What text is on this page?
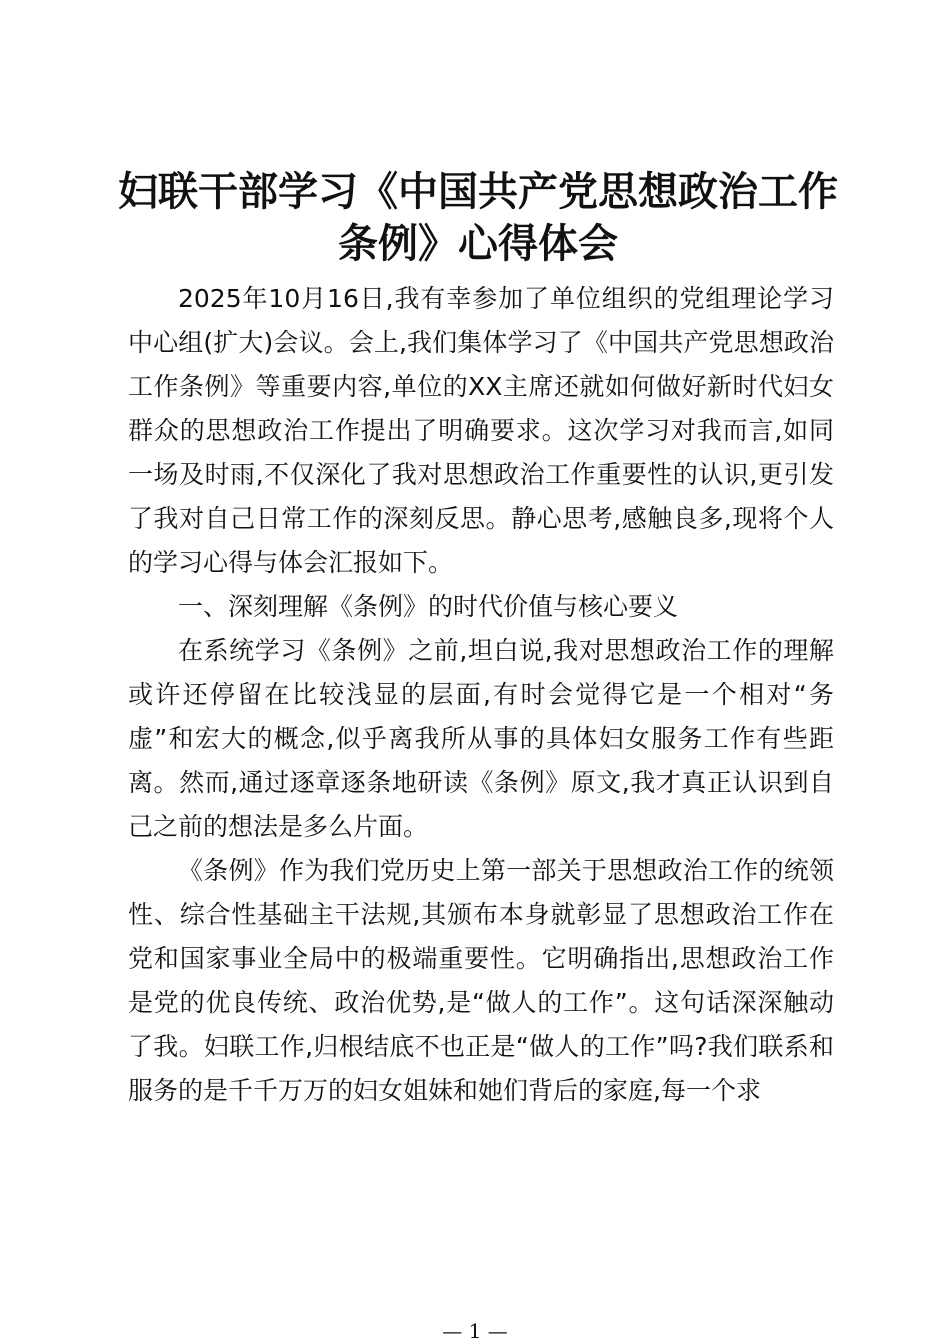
妇联干部学习《中国共产党思想政治工作条例》心得体会

2025年10月16日,我有幸参加了单位组织的党组理论学习中心组(扩大)会议。会上,我们集体学习了《中国共产党思想政治工作条例》等重要内容,单位的XX主席还就如何做好新时代妇女群众的思想政治工作提出了明确要求。这次学习对我而言,如同一场及时雨,不仅深化了我对思想政治工作重要性的认识,更引发了我对自己日常工作的深刻反思。静心思考,感触良多,现将个人的学习心得与体会汇报如下。

一、深刻理解《条例》的时代价值与核心要义

在系统学习《条例》之前,坦白说,我对思想政治工作的理解或许还停留在比较浅显的层面,有时会觉得它是一个相对“务虚”和宏大的概念,似乎离我所从事的具体妇女服务工作有些距离。然而,通过逐章逐条地研读《条例》原文,我才真正认识到自己之前的想法是多么片面。

《条例》作为我们党历史上第一部关于思想政治工作的统领性、综合性基础主干法规,其颁布本身就彰显了思想政治工作在党和国家事业全局中的极端重要性。它明确指出,思想政治工作是党的优良传统、政治优势,是“做人的工作”。这句话深深触动了我。妇联工作,归根结底不也正是“做人的工作”吗?我们联系和服务的是千千万万的妇女姐妹和她们背后的家庭,每一个求

— 1 —
